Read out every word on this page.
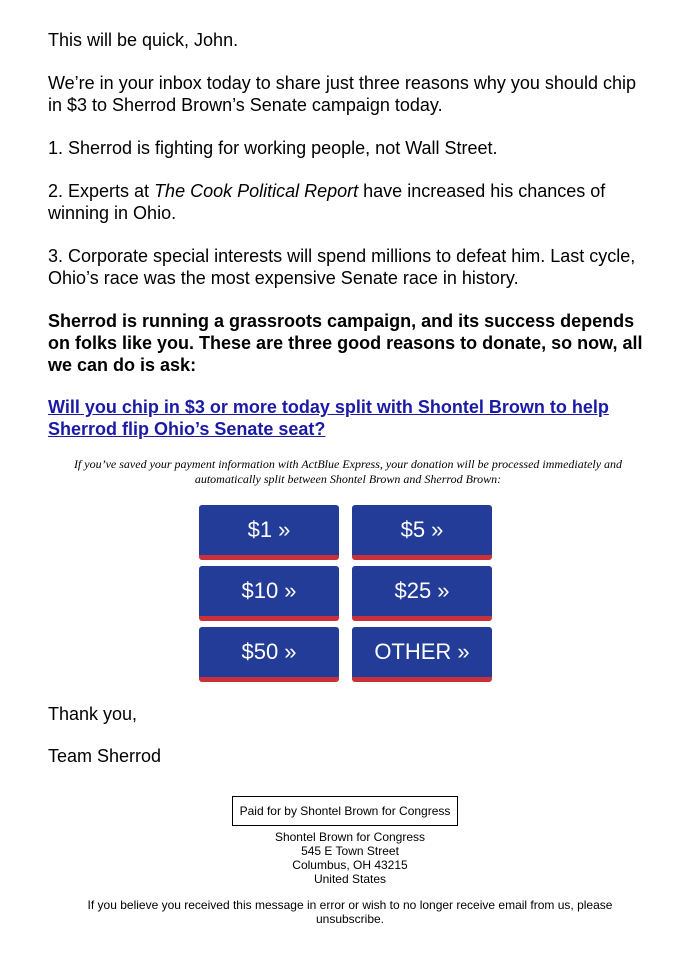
This will be quick, John.

We’re in your inbox today to share just three reasons why you should chip in $3 to Sherrod Brown’s Senate campaign today.

1. Sherrod is fighting for working people, not Wall Street.

2. Experts at The Cook Political Report have increased his chances of winning in Ohio.

3. Corporate special interests will spend millions to defeat him. Last cycle, Ohio’s race was the most expensive Senate race in history.

Sherrod is running a grassroots campaign, and its success depends on folks like you. These are three good reasons to donate, so now, all we can do is ask:

Will you chip in $3 or more today split with Shontel Brown to help Sherrod flip Ohio’s Senate seat?

If you’ve saved your payment information with ActBlue Express, your donation will be processed immediately and automatically split between Shontel Brown and Sherrod Brown:

Thank you,

Team Sherrod

$1 »	$5 »
$10 »	$25 »
$50 »	OTHER »
Paid for by Shontel Brown for Congress
Shontel Brown for Congress
545 E Town Street
Columbus, OH 43215
United States
If you believe you received this message in error or wish to no longer receive email from us, please unsubscribe.
